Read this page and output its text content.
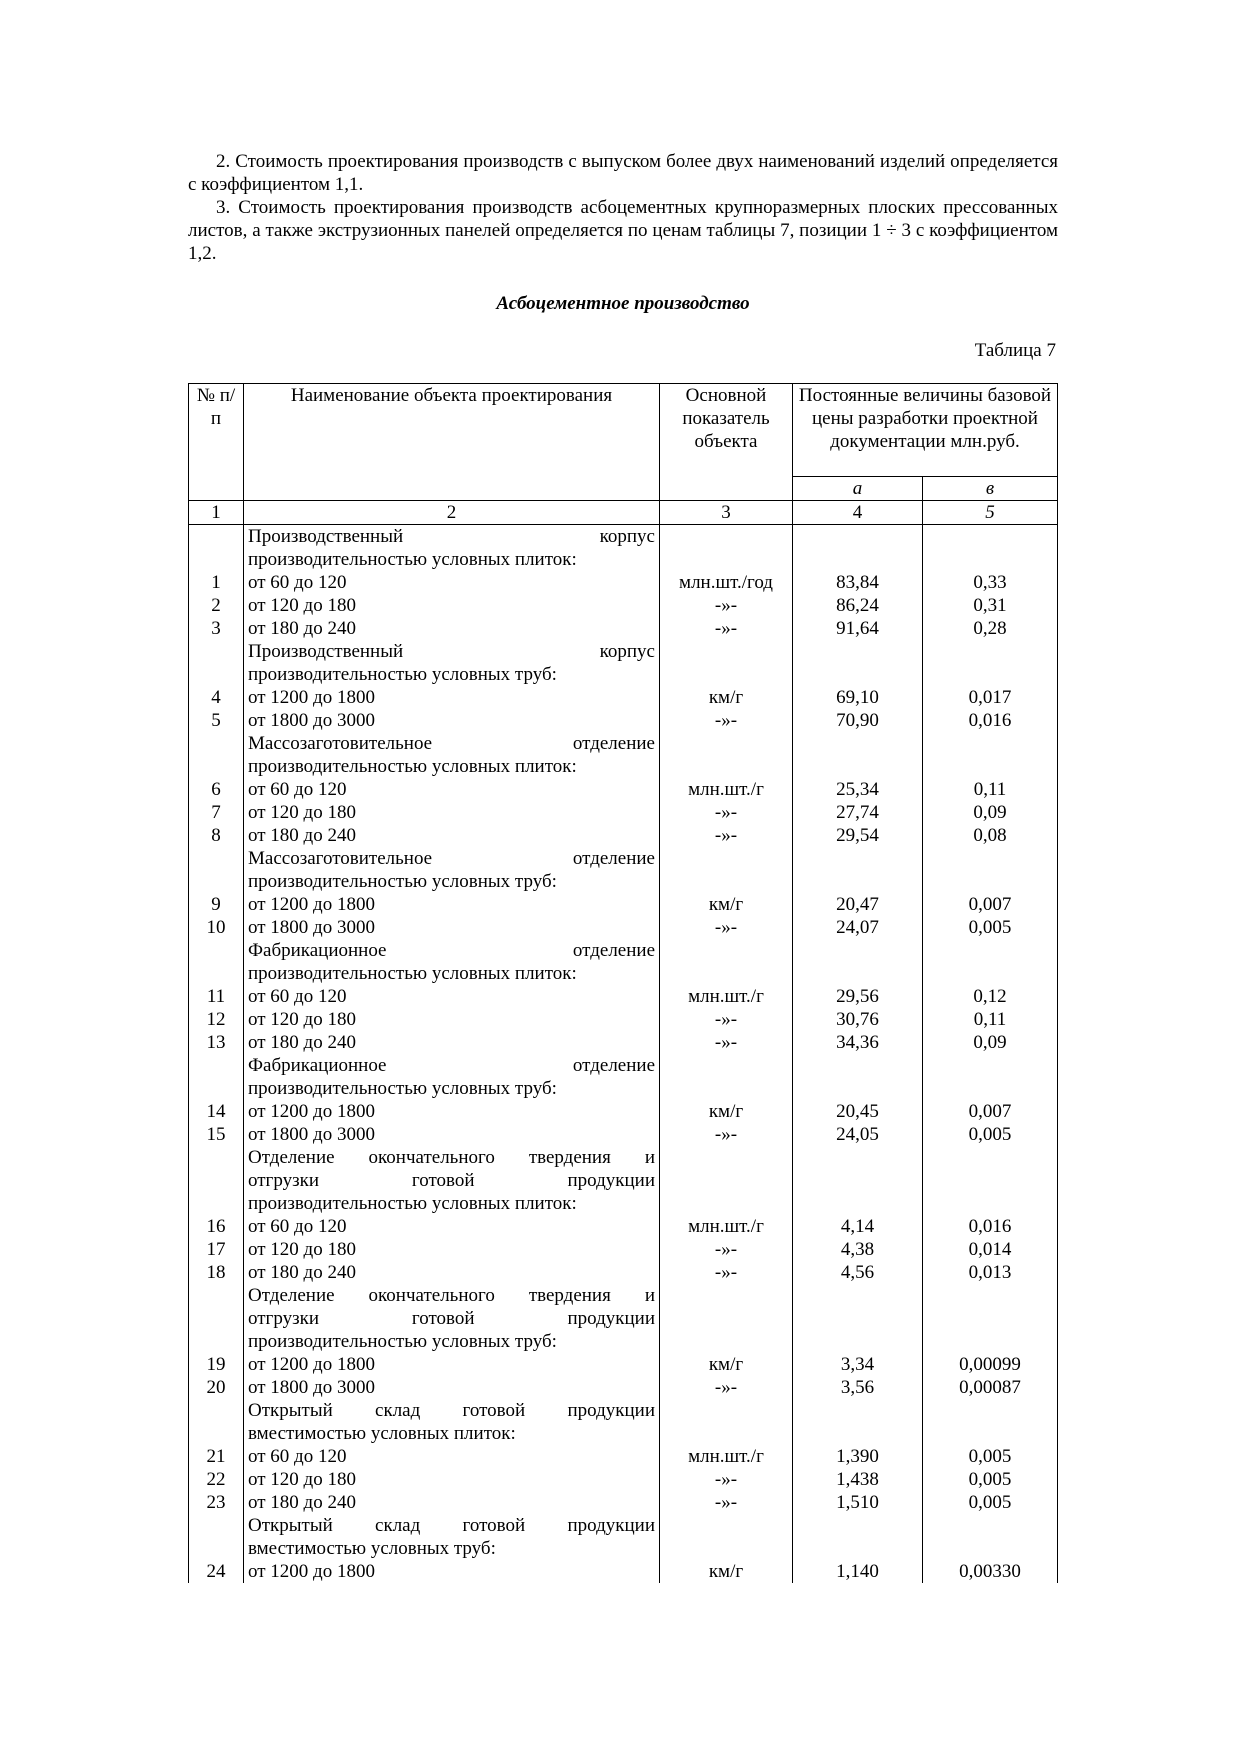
2. Стоимость проектирования производств с выпуском более двух наименований изделий определяется с коэффициентом 1,1.

3. Стоимость проектирования производств асбоцементных крупноразмерных плоских прессованных листов, а также экструзионных панелей определяется по ценам таблицы 7, позиции 1 ÷ 3 с коэффициентом 1,2.

Асбоцементное производство
Таблица 7
№ п/п	Наименование объекта проектирования	Основной показатель объекта	Постоянные величины базовой цены разработки проектной документации млн.руб.	
			а	в
1	2	3	4	5

	Производственный корпус			

	производительностью условных плиток:			

1	от 60 до 120	млн.шт./год	83,84	0,33
2	от 120 до 180	-»-	86,24	0,31
3	от 180 до 240	-»-	91,64	0,28

	Производственный корпус			

	производительностью условных труб:			

4	от 1200 до 1800	км/г	69,10	0,017
5	от 1800 до 3000	-»-	70,90	0,016

	Массозаготовительное отделение			

	производительностью условных плиток:			

6	от 60 до 120	млн.шт./г	25,34	0,11
7	от 120 до 180	-»-	27,74	0,09
8	от 180 до 240	-»-	29,54	0,08

	Массозаготовительное отделение			

	производительностью условных труб:			

9	от 1200 до 1800	км/г	20,47	0,007
10	от 1800 до 3000	-»-	24,07	0,005

	Фабрикационное отделение			

	производительностью условных плиток:			

11	от 60 до 120	млн.шт./г	29,56	0,12
12	от 120 до 180	-»-	30,76	0,11
13	от 180 до 240	-»-	34,36	0,09

	Фабрикационное отделение			

	производительностью условных труб:			

14	от 1200 до 1800	км/г	20,45	0,007
15	от 1800 до 3000	-»-	24,05	0,005

	Отделение окончательного твердения и			

	отгрузки готовой продукции			

	производительностью условных плиток:			

16	от 60 до 120	млн.шт./г	4,14	0,016
17	от 120 до 180	-»-	4,38	0,014
18	от 180 до 240	-»-	4,56	0,013

	Отделение окончательного твердения и			

	отгрузки готовой продукции			

	производительностью условных труб:			

19	от 1200 до 1800	км/г	3,34	0,00099
20	от 1800 до 3000	-»-	3,56	0,00087

	Открытый склад готовой продукции			

	вместимостью условных плиток:			

21	от 60 до 120	млн.шт./г	1,390	0,005
22	от 120 до 180	-»-	1,438	0,005
23	от 180 до 240	-»-	1,510	0,005

	Открытый склад готовой продукции			

	вместимостью условных труб:			

24	от 1200 до 1800	км/г	1,140	0,00330
